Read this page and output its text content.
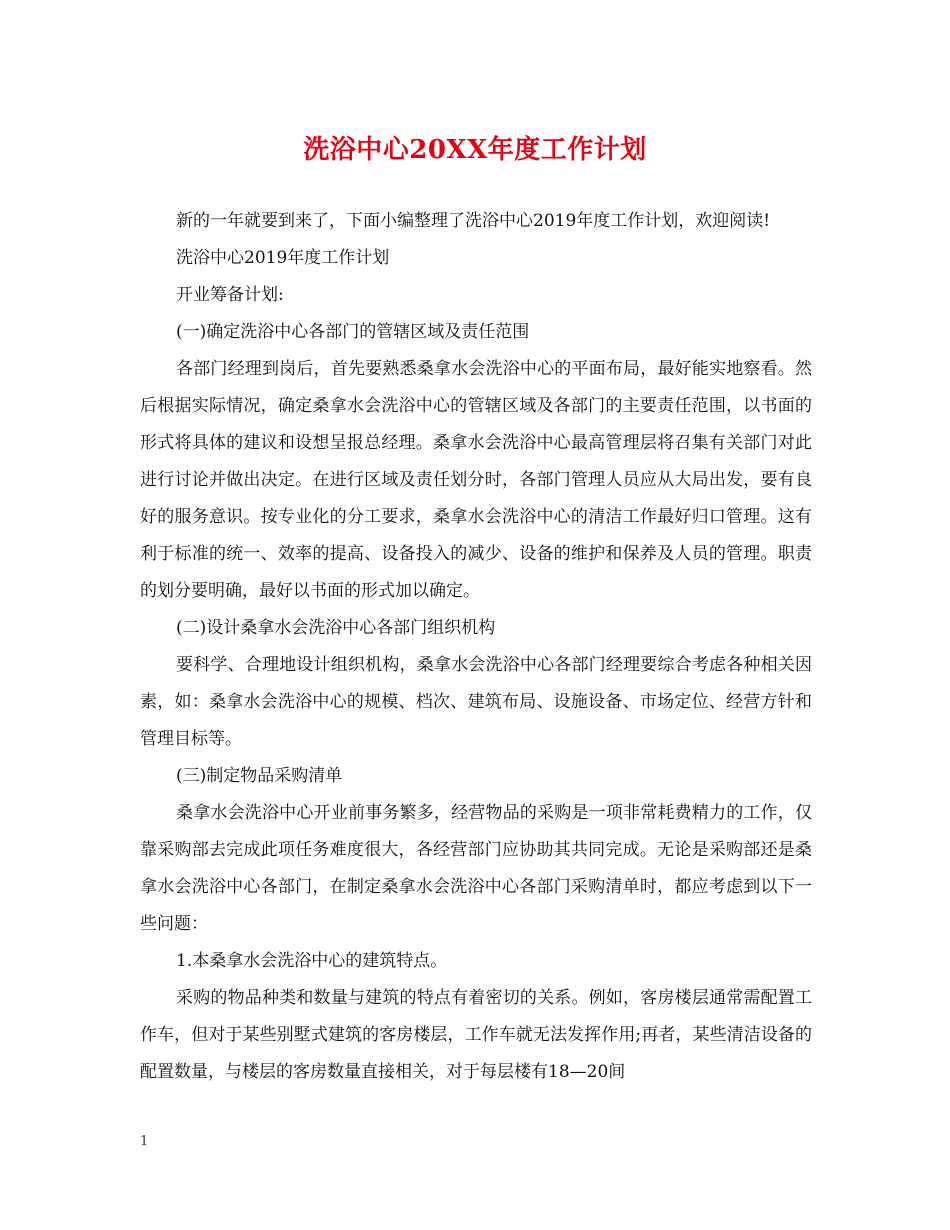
洗浴中心20XX年度工作计划

新的一年就要到来了，下面小编整理了洗浴中心2019年度工作计划，欢迎阅读!

洗浴中心2019年度工作计划

开业筹备计划:

(一)确定洗浴中心各部门的管辖区域及责任范围

各部门经理到岗后，首先要熟悉桑拿水会洗浴中心的平面布局，最好能实地察看。然后根据实际情况，确定桑拿水会洗浴中心的管辖区域及各部门的主要责任范围，以书面的形式将具体的建议和设想呈报总经理。桑拿水会洗浴中心最高管理层将召集有关部门对此进行讨论并做出决定。在进行区域及责任划分时，各部门管理人员应从大局出发，要有良好的服务意识。按专业化的分工要求，桑拿水会洗浴中心的清洁工作最好归口管理。这有利于标准的统一、效率的提高、设备投入的减少、设备的维护和保养及人员的管理。职责的划分要明确，最好以书面的形式加以确定。

(二)设计桑拿水会洗浴中心各部门组织机构

要科学、合理地设计组织机构，桑拿水会洗浴中心各部门经理要综合考虑各种相关因素，如：桑拿水会洗浴中心的规模、档次、建筑布局、设施设备、市场定位、经营方针和管理目标等。

(三)制定物品采购清单

桑拿水会洗浴中心开业前事务繁多，经营物品的采购是一项非常耗费精力的工作，仅靠采购部去完成此项任务难度很大，各经营部门应协助其共同完成。无论是采购部还是桑拿水会洗浴中心各部门，在制定桑拿水会洗浴中心各部门采购清单时，都应考虑到以下一些问题：

1.本桑拿水会洗浴中心的建筑特点。

采购的物品种类和数量与建筑的特点有着密切的关系。例如，客房楼层通常需配置工作车，但对于某些别墅式建筑的客房楼层，工作车就无法发挥作用;再者，某些清洁设备的配置数量，与楼层的客房数量直接相关，对于每层楼有18—20间

1
